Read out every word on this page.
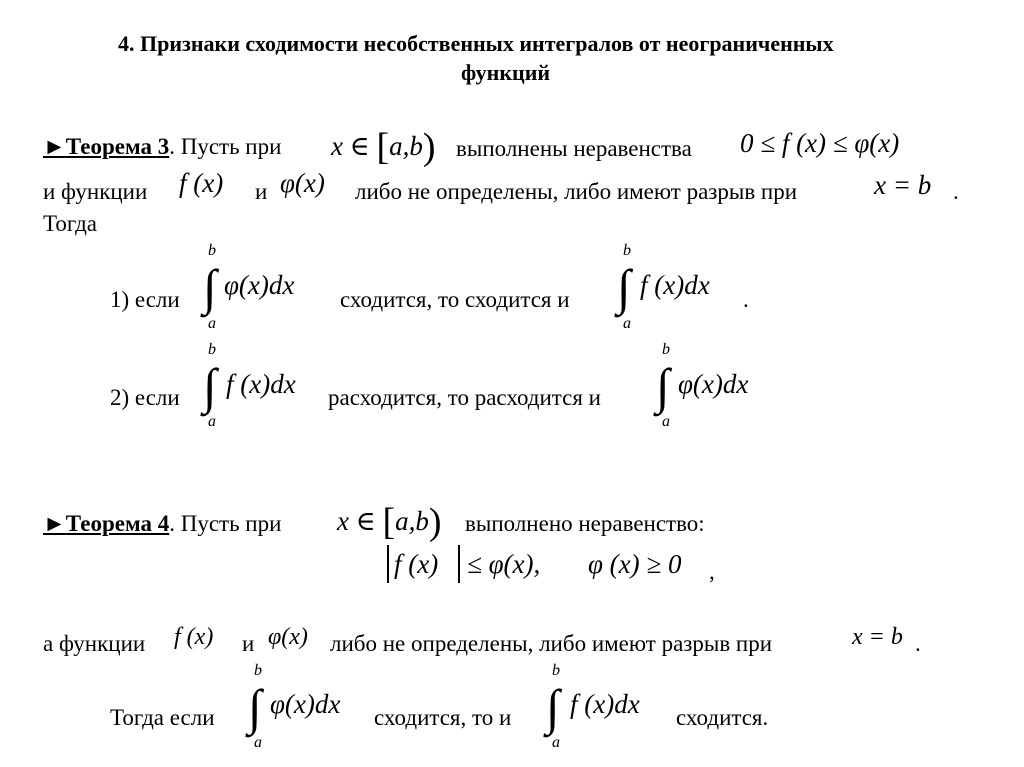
4. Признаки сходимости несобственных интегралов от неограниченных
функций
►Теорема 3. Пусть при x ∈ [a,b) выполнены неравенства 0 ≤ f (x) ≤ φ(x)
и функции f (x) и φ(x) либо не определены, либо имеют разрыв при	x = b .
Тогда
b
∫
a
1) если φ(x)dx сходится, то сходится и
b
∫
a
f (x)dx .
b
∫
a
2) если f (x)dx расходится, то расходится и
b
∫
a
φ(x)dx
►Теорема 4. Пусть при x ∈ [a,b) выполнено неравенство:
f (x) ≤ φ(x), φ (x) ≥ 0 ,
а функции f (x) и φ(x) либо не определены, либо имеют разрыв при	x = b .
Тогда если
b
∫
a
φ(x)dx сходится, то и
b
∫
a
f (x)dx сходится.
